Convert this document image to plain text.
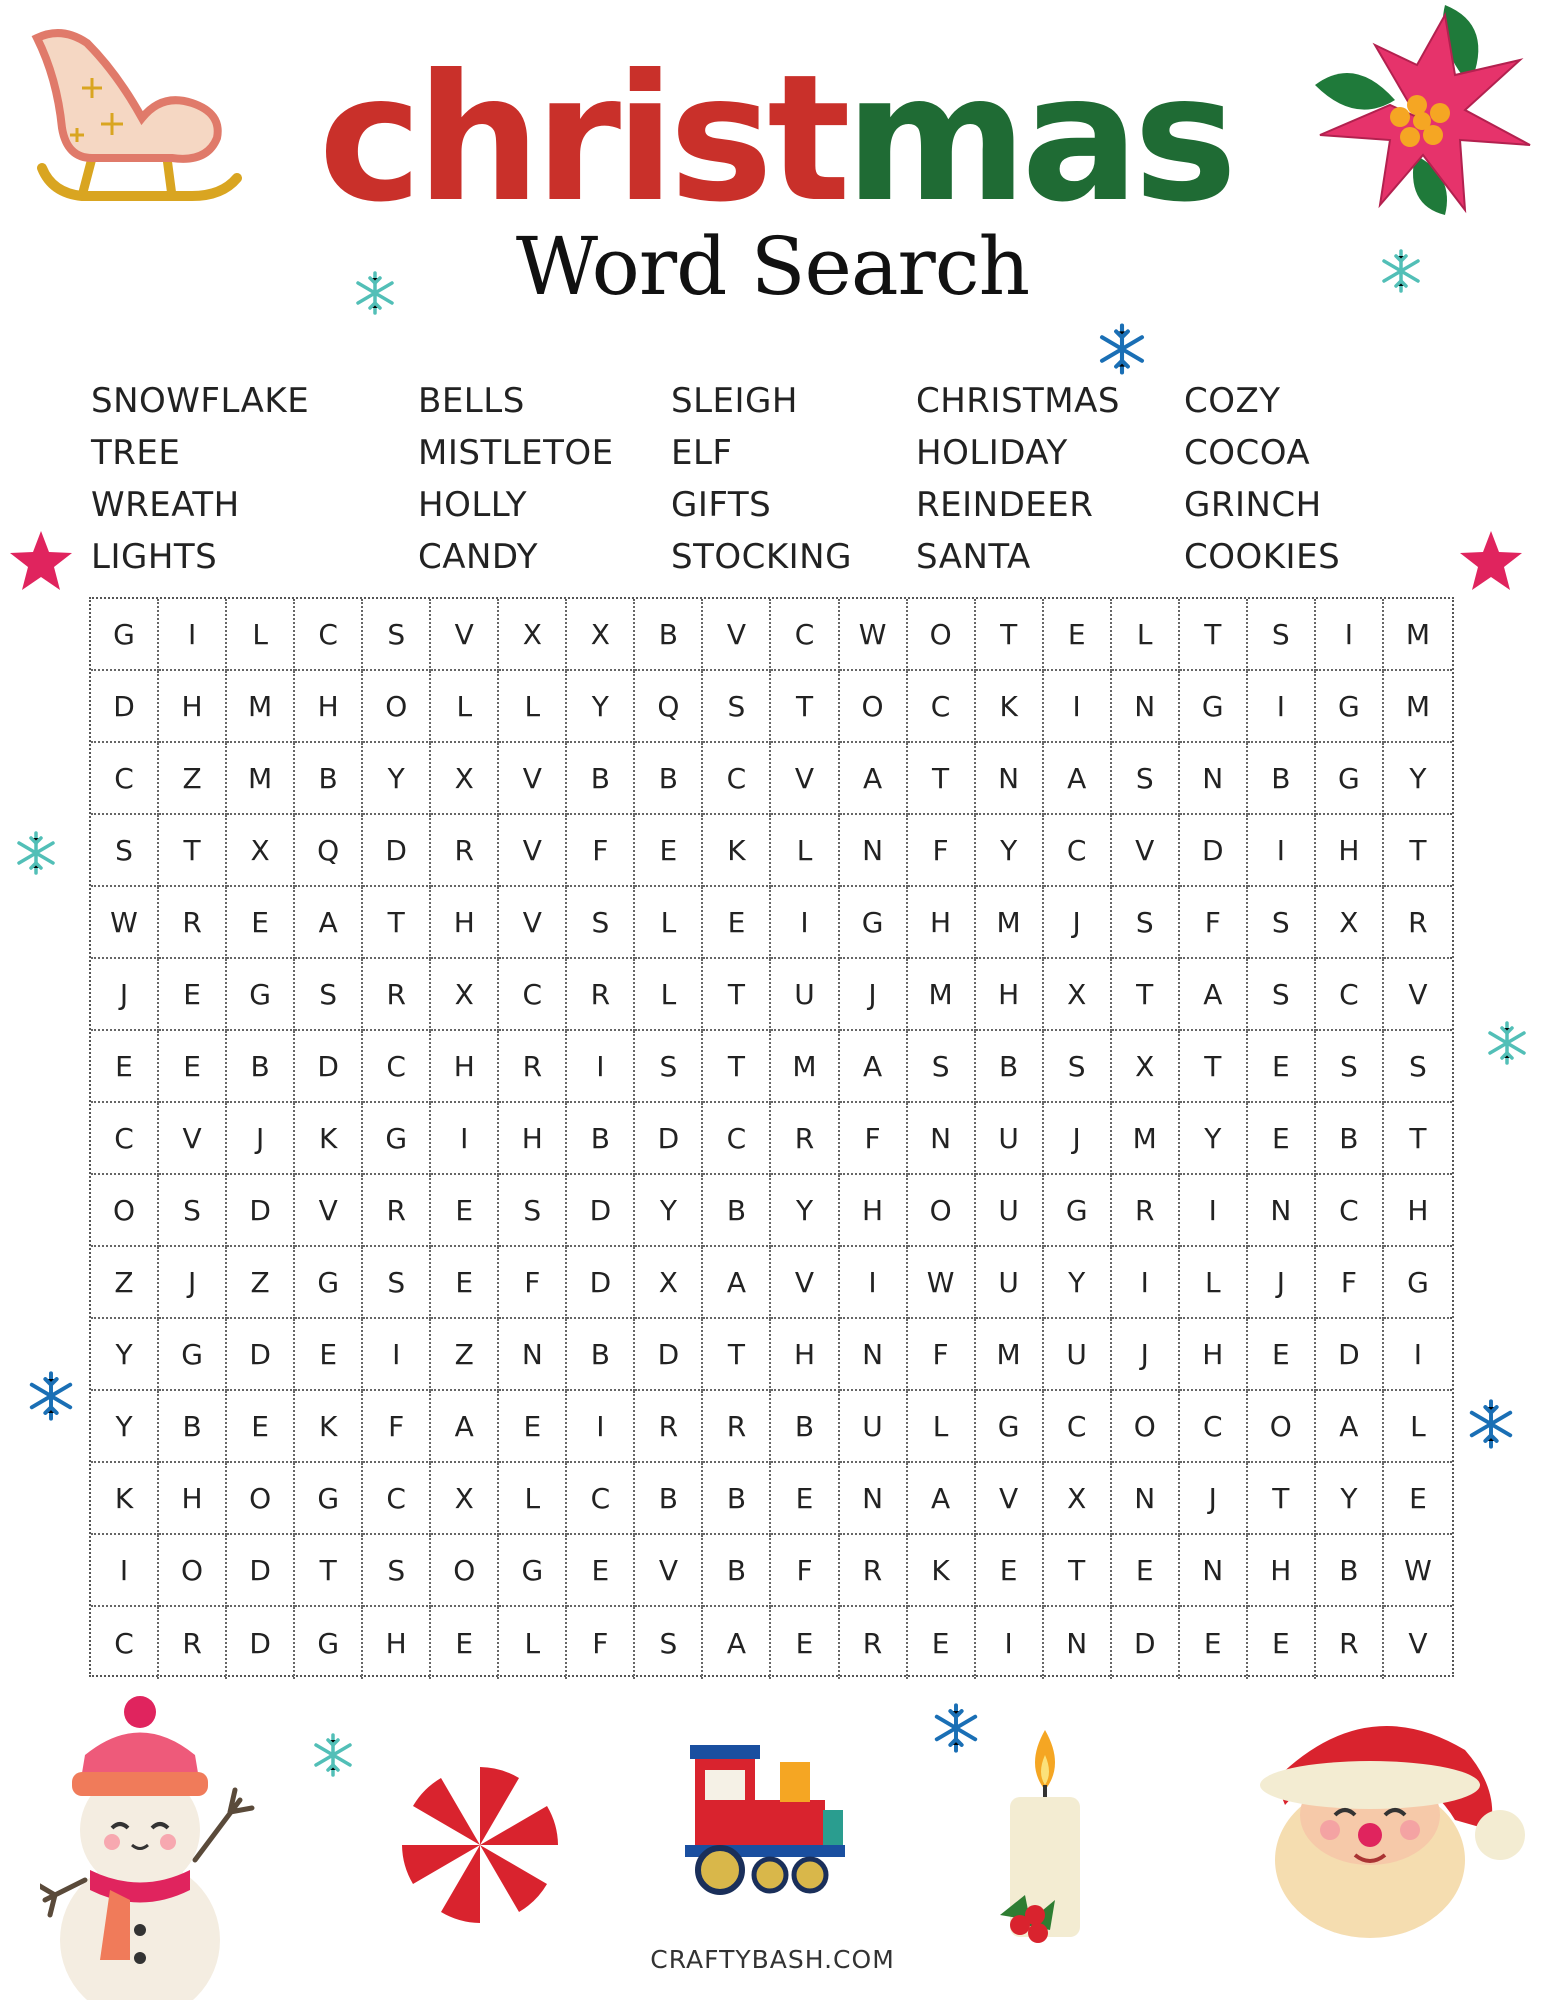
christmas
Word Search
SNOWFLAKE
TREE
WREATH
LIGHTS
BELLS
MISTLETOE
HOLLY
CANDY
SLEIGH
ELF
GIFTS
STOCKING
CHRISTMAS
HOLIDAY
REINDEER
SANTA
COZY
COCOA
GRINCH
COOKIES
G	I	L	C	S	V	X	X	B	V	C	W	O	T	E	L	T	S	I	M
D	H	M	H	O	L	L	Y	Q	S	T	O	C	K	I	N	G	I	G	M
C	Z	M	B	Y	X	V	B	B	C	V	A	T	N	A	S	N	B	G	Y
S	T	X	Q	D	R	V	F	E	K	L	N	F	Y	C	V	D	I	H	T
W	R	E	A	T	H	V	S	L	E	I	G	H	M	J	S	F	S	X	R
J	E	G	S	R	X	C	R	L	T	U	J	M	H	X	T	A	S	C	V
E	E	B	D	C	H	R	I	S	T	M	A	S	B	S	X	T	E	S	S
C	V	J	K	G	I	H	B	D	C	R	F	N	U	J	M	Y	E	B	T
O	S	D	V	R	E	S	D	Y	B	Y	H	O	U	G	R	I	N	C	H
Z	J	Z	G	S	E	F	D	X	A	V	I	W	U	Y	I	L	J	F	G
Y	G	D	E	I	Z	N	B	D	T	H	N	F	M	U	J	H	E	D	I
Y	B	E	K	F	A	E	I	R	R	B	U	L	G	C	O	C	O	A	L
K	H	O	G	C	X	L	C	B	B	E	N	A	V	X	N	J	T	Y	E
I	O	D	T	S	O	G	E	V	B	F	R	K	E	T	E	N	H	B	W
C	R	D	G	H	E	L	F	S	A	E	R	E	I	N	D	E	E	R	V
CRAFTYBASH.COM
